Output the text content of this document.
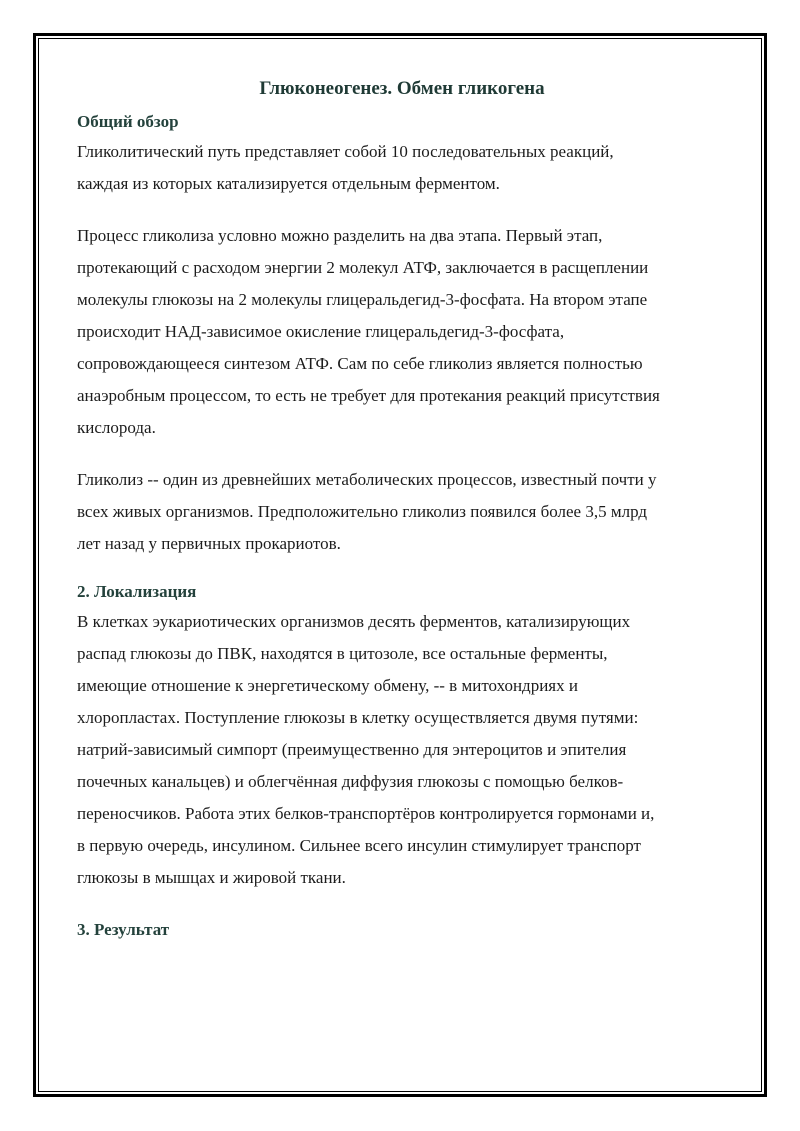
Глюконеогенез. Обмен гликогена
Общий обзор

Гликолитический путь представляет собой 10 последовательных реакций,
каждая из которых катализируется отдельным ферментом.

Процесс гликолиза условно можно разделить на два этапа. Первый этап,
протекающий с расходом энергии 2 молекул АТФ, заключается в расщеплении
молекулы глюкозы на 2 молекулы глицеральдегид-3-фосфата. На втором этапе
происходит НАД-зависимое окисление глицеральдегид-3-фосфата,
сопровождающееся синтезом АТФ. Сам по себе гликолиз является полностью
анаэробным процессом, то есть не требует для протекания реакций присутствия
кислорода.

Гликолиз -- один из древнейших метаболических процессов, известный почти у
всех живых организмов. Предположительно гликолиз появился более 3,5 млрд
лет назад у первичных прокариотов.

2. Локализация

В клетках эукариотических организмов десять ферментов, катализирующих
распад глюкозы до ПВК, находятся в цитозоле, все остальные ферменты,
имеющие отношение к энергетическому обмену, -- в митохондриях и
хлоропластах. Поступление глюкозы в клетку осуществляется двумя путями:
натрий-зависимый симпорт (преимущественно для энтероцитов и эпителия
почечных канальцев) и облегчённая диффузия глюкозы с помощью белков-
переносчиков. Работа этих белков-транспортёров контролируется гормонами и,
в первую очередь, инсулином. Сильнее всего инсулин стимулирует транспорт
глюкозы в мышцах и жировой ткани.

3. Результат
